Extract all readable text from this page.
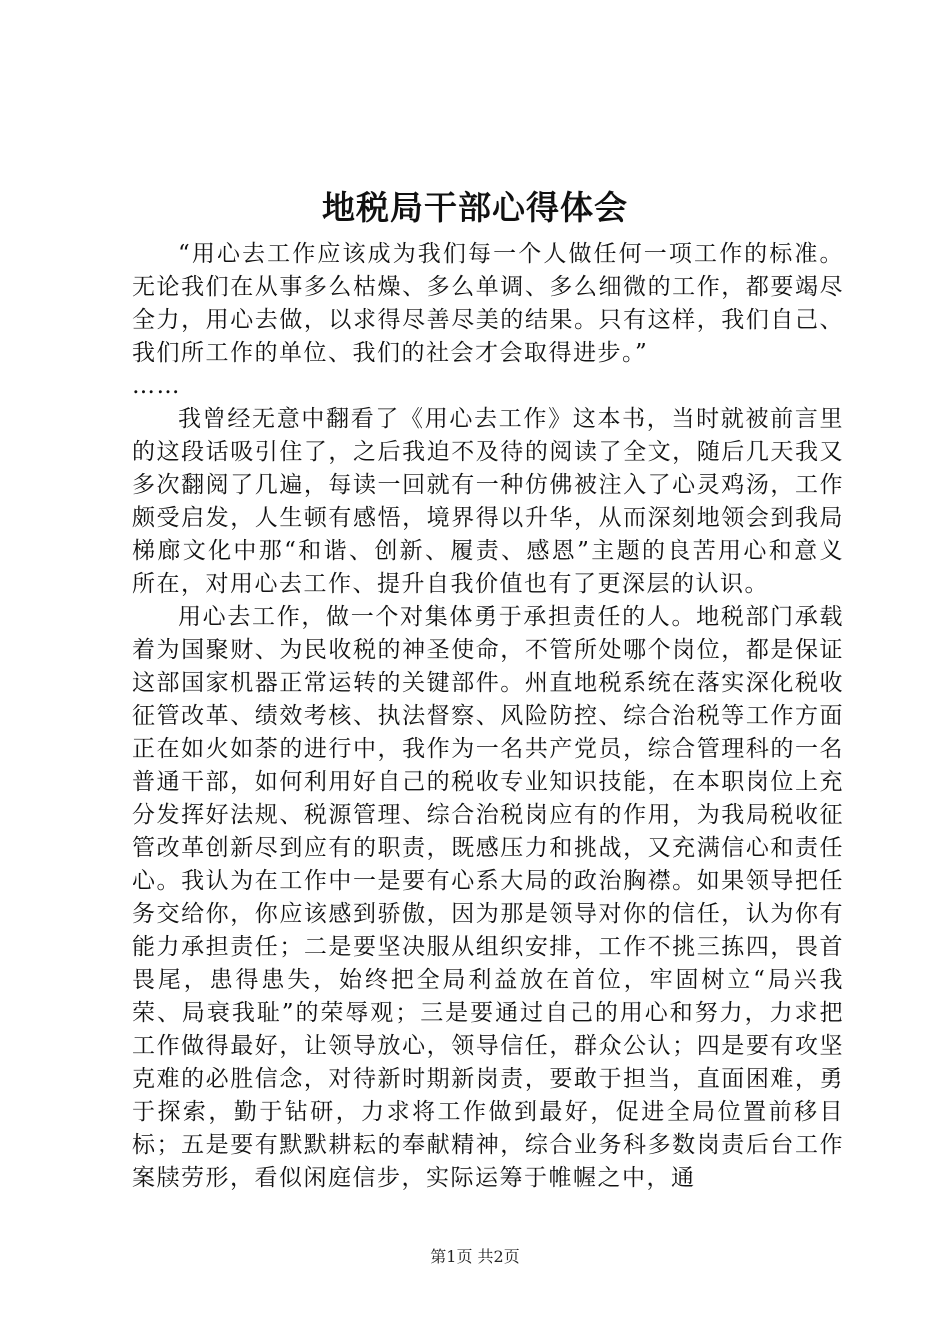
地税局干部心得体会

“用心去工作应该成为我们每一个人做任何一项工作的标准。无论我们在从事多么枯燥、多么单调、多么细微的工作，都要竭尽全力，用心去做，以求得尽善尽美的结果。只有这样，我们自己、我们所工作的单位、我们的社会才会取得进步。”

……

我曾经无意中翻看了《用心去工作》这本书，当时就被前言里的这段话吸引住了，之后我迫不及待的阅读了全文，随后几天我又多次翻阅了几遍，每读一回就有一种仿佛被注入了心灵鸡汤，工作颇受启发，人生顿有感悟，境界得以升华，从而深刻地领会到我局梯廊文化中那“和谐、创新、履责、感恩”主题的良苦用心和意义所在，对用心去工作、提升自我价值也有了更深层的认识。

用心去工作，做一个对集体勇于承担责任的人。地税部门承载着为国聚财、为民收税的神圣使命，不管所处哪个岗位，都是保证这部国家机器正常运转的关键部件。州直地税系统在落实深化税收征管改革、绩效考核、执法督察、风险防控、综合治税等工作方面正在如火如荼的进行中，我作为一名共产党员，综合管理科的一名普通干部，如何利用好自己的税收专业知识技能，在本职岗位上充分发挥好法规、税源管理、综合治税岗应有的作用，为我局税收征管改革创新尽到应有的职责，既感压力和挑战，又充满信心和责任心。我认为在工作中一是要有心系大局的政治胸襟。如果领导把任务交给你，你应该感到骄傲，因为那是领导对你的信任，认为你有能力承担责任；二是要坚决服从组织安排，工作不挑三拣四，畏首畏尾，患得患失，始终把全局利益放在首位，牢固树立“局兴我荣、局衰我耻”的荣辱观；三是要通过自己的用心和努力，力求把工作做得最好，让领导放心，领导信任，群众公认；四是要有攻坚克难的必胜信念，对待新时期新岗责，要敢于担当，直面困难，勇于探索，勤于钻研，力求将工作做到最好，促进全局位置前移目标；五是要有默默耕耘的奉献精神，综合业务科多数岗责后台工作案牍劳形，看似闲庭信步，实际运筹于帷幄之中，通

第1页 共2页
